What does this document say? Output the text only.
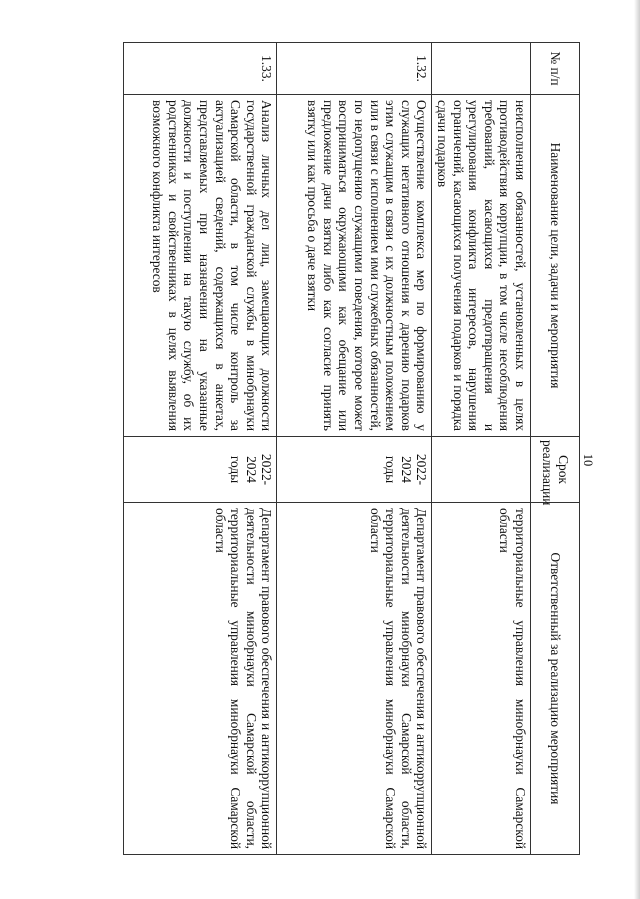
10
№ п/п	Наименование цели, задачи и мероприятия	Срок реализации	Ответственный за реализацию мероприятия
	неисполнения обязанностей, установленных в целях противодействия коррупции, в том числе несоблюдения требований, касающихся предотвращения и урегулирования конфликта интересов, нарушения ограничений, касающихся получения подарков и порядка сдачи подарков		территориальные управления минобрнауки Самарской области
1.32.	Осуществление комплекса мер по формированию у служащих негативного отношения к дарению подарков этим служащим в связи с их должностным положением или в связи с исполнением ими служебных обязанностей, по недопущению служащими поведения, которое может восприниматься окружающими как обещание или предложение дачи взятки либо как согласие принять взятку или как просьба о даче взятки	2022-2024 годы	Департамент правового обеспечения и антикоррупционной деятельности минобрнауки Самарской области, территориальные управления минобрнауки Самарской области
1.33.	Анализ личных дел лиц, замещающих должности государственной гражданской службы в минобрнауки Самарской области, в том числе контроль за актуализацией сведений, содержащихся в анкетах, представляемых при назначении на указанные должности и поступлении на такую службу, об их родственниках и свойственниках в целях выявления возможного конфликта интересов	2022-2024 годы	Департамент правового обеспечения и антикоррупционной деятельности минобрнауки Самарской области, территориальные управления минобрнауки Самарской области
